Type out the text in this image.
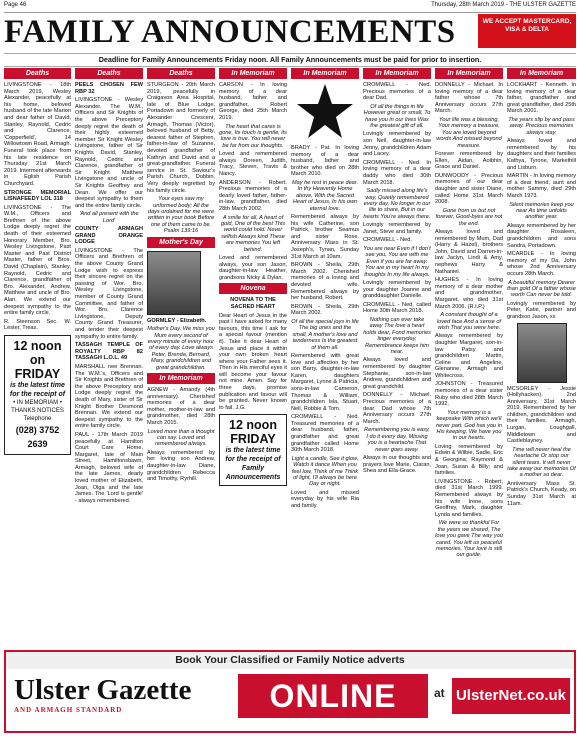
Page 46	Thursday, 28th March 2019 - THE ULSTER GAZETTE
FAMILY ANNOUNCEMENTS	WE ACCEPT MASTERCARD, VISA & DELTA
Deadline for Family Announcements Friday noon. All Family Announcements must be paid for prior to insertion.
Deaths

LIVINGSTONE - 18th March 2019, Wesley Alexander, peacefully at his home, beloved husband of the late Marion and dear father of David, Stanley, Raynold, Cedric and Clarence, 'Copperfield', 14 Willowtown Road, Armagh. Funeral took place from his late residence on Thursday 21st March 2019. Interment afterwards in Eglish Parish Churchyard.

STRONGE MEMORIAL LISNAFEEDY LOL 318

LIVINGSTONE - The W.M., Officers and Brethren of the above Lodge deeply regret the death of their esteemed Honorary Member, Bro. Wesley Livingstone, Past Master and Past District Master, father of Bros. David (Chaplain), Stanley, Raynold, Cedric and Clarence, grandfather of Bro. Alexander, Andrew, Matthew and uncle of Bro. Alan. We extend our deepest sympathy to the entire family circle.

R. Steenson Sec. W. Lester, Treas.

12 noon on
FRIDAY
is the latest time for the receipt of
• IN MEMORIAM • THANKS NOTICES
Telephone
(028) 3752 2639
Deaths

PEELS CHOSEN FEW RBP 32

LIVINGSTONE - Wesley Alexander. The W.M., Officers and Sir Knights of the above Preceptory deeply regret the death of their highly esteemed member Sir Knight Wesley Livingstone, father of Sir Knights David, Stanley, Raynold, Cedric and Clarence, grandfather of Sir Knight Matthew Livingstone and uncle of Sir Knights Geoffrey and Dean. We offer our deepest sympathy to them and the entire family circle.

'And all present with the Lord'

COUNTY ARMAGH GRAND ORANGE LODGE

LIVINGSTONE - The Officers and Brethren of the above County Grand Lodge wish to express their sincere regret on the passing of Wor. Bro. Wesley Livingstone, member of County Grand Committee, and father of Wor. Bro. Clarence Livingstone, Deputy County Grand Treasurer, and tender their deepest sympathy to entire family.

TASSAGH TEMPLE OF ROYALTY RBP 82 TASSAGH L.O.L. 49

MARSHALL nee Brennan. The W.M.'s, Officers and Sir Knights and Brethren of the above Preceptory and Lodge deeply regret the death of Mary, sister of Sir Knight Brother Desmond Brennan. We extend our deepest sympathy to the entire family circle.

PAUL - 17th March 2019 peacefully at Hamilton Court Care Home, Margaret, late of Main Street, Hamiltonsbawn, Armagh, beloved wife of the late James, dearly loved mother of Elizabeth, Joan, Olga and the late James. The 'Lord is gentle' - always remembered.

Deaths

STURGEON - 20th March 2019, peacefully in Craigavon Area Hospital, late of Blue Lodge, Portadown and formerly of Alexander Crescent, Armagh, Thomas (Victor), beloved husband of Betty, dearest father of Stephen, father-in-law of Suzanne, devoted grandfather of Kathryn and David and a great-grandfather. Funeral service in St. Saviour's Parish Church, Dobbin. Very deeply regretted by his family circle.

Your eyes saw my unformed body; All the days ordained for me were written in your book Before one of them came to be. Psalm 139:16

Mother's Day

GORMLEY - Elizabeth.

Mother's Day. We miss you Mum every second of every minute of every hour of every day. Love always Peter, Brenda, Bernard, Mary, grandchildren and great grandchildren.

In Memoriam

AGNEW - Amandy (4th anniversary). Cherished memories of a dear mother, mother-in-law and grandmother, died 28th March 2015.

Loved more than a thought can say. Loved and remembered always.

Always remembered by her loving son Andrew, daughter-in-law Diane, grandchildren Rebecca and Timothy, Ryrhill.

In Memoriam

CARSON - In loving memory of a dear husband, father and grandfather, Robert George, died 25th March 2019.

The heart that cares is gone, Its touch is gentle, its love is true. You will never be far from our thoughts.

Loved and remembered always Doreen, Judith, Tracy, Steven, Travis & Nancy.

ANDERSON - Robert. Precious memories of a dearly loved father, father-in-law, grandfather, died 28th March 2002.

A smile for all, A heart of gold, One of the best This world could hold. Never selfish Always kind These are memories You left behind.

Loved and remembered always, your son Jason, daughter-in-law Heather, grandsons Nicky & Dylan.

Novena

NOVENA TO THE SACRED HEART

Dear Heart of Jesus in the past I have asked for many favours, this time I ask for a special favour (mention it). Take it dear Heart of Jesus and place it within your own broken heart where your Father sees it. Then in His merciful eyes it will become your favour not mine. Amen. Say for three days, promise publication and favour will be granted. Never known to fail. J.G.

12 noon
FRIDAY
is the latest time for the receipt of Family Announcements
In Memoriam

BRADY - Pat. In loving memory of a dear husband, father and brother who died on 28th March 2010.

May he rest in peace dear. In thy Heavenly Home above, With the Sacred Heart of Jesus, In his own eternal love.

Remembered always by his wife Catherine, son Patrick, brother Seamus and sister Rose. Anniversary Mass in St. Joseph's, Tynan, Sunday 31st March at 10am.

BROWN - Sheila, 29th March 2002. Cherished memories of a loving and devoted wife. Remembered always by her husband, Robert.

BROWN - Sheila, 29th March 2002.

Of all the special joys in life The big ones and the small, A mother's love and tenderness Is the greatest of them all.

Remembered with great love and affection by her son Barry, daughter-in-law Karen, daughters Margaret, Lynne & Patricia, sons-in-law Cameron, Thomas & William, grandchildren Isla, Stuart, Neil, Robbie & Tom.

CROMWELL - Ned. Treasured memories of a dear husband, father, grandfather and great grandfather called Home 30th March 2018.

Light a candle, See it glow, Watch it dance When you feel low, Think of me Think of light, I'll always be here Day or night.

Loved and missed everyday by his wife Ria and family.

In Memoriam

CROMWELL - Ned. Precious memories of a dear Dad.

Of all the things in life However great or small, To have you in our lives Was the greatest gift of all.

Lovingly remembered by son Neil, daughter-in-law Jenny, grandchildren Adam and Lacey.

CROMWELL - Ned. In loving memory of a dear daddy who died 30th March 2018.

Sadly missed along life's way, Quietly remembered every day, No longer in our life to share, But in our hearts You're always there.

Lovingly remembered by Janet, Steve and family.

CROMWELL - Ned.

You are near Even if I don't see you, You are with me Even if you are far away. You are in my heart In my thoughts In my life always.

Lovingly remembered by your daughter Joanne and granddaughter Danielle.

CROMWELL - Ned, called Home 30th March 2018.

Nothing can ever take away The love a heart holds dear, Fond memories linger everyday, Remembrance keeps him near.

Always loved and remembered by daughter Stephanie, son-in-law Andrew, grandchildren and great grandchild.

DONNELLY - Michael. Precious memories of a dear Dad whose 7th Anniversary occurs 27th March.

Remembering you is easy, I do it every day, Missing you is a heartache That never goes away.

Always in our thoughts and prayers love Marie, Ciaran, Shea and Ella-Grace.

In Memoriam

DONNELLY - Michael. In loving memory of a dear father whose 7th Anniversary occurs 27th March.

Your life was a blessing, Your memory a treasure, You are loved beyond words And missed beyond measure.

Forever remembered by Ellen, Aidan, Aoibhin, Grace and Daniel.

DUNWOODY - Precious memories of our dear daughter and sister Diane, called Home 31st March 2008.

Gone from us but not forever, Good-byes are not the end.

Always loved and remembered by Mum, Dad (Harry & Hazel), brothers John, David and Darren-in-law Jaclyn, Lindi & Amy, nephews Harry & Nathaniel.

HUGHES - In loving memory of a dear mother and grandmother, Margaret, who died 31st March 2006. (R.I.P.)

A constant thought of a loved face And a sense of wish That you were here.

Always remembered by daughter Margaret, son-in-law Patsy and grandchildren Martin, Celine and Angeline, Glenanne, Armagh and Whitecross.

JOHNSTON - Treasured memories of a dear sister Ruby who died 28th March 1992.

Your memory is a keepsake With which we'll never part, God has you in His keeping, We have you in our hearts.

Loving remembered by Edwin & Wilbie, Sadie, Eric & Georgina; Raymond & Joan, Susan & Billy; and families.

LIVINGSTONE - Robert, died 31st March 1999. Remembered always by his wife Irene, sons Geoffrey, Mark, daughter Lynda and families.

We were so thankful For the years we shared, The love you gave The way you cared. You left us peaceful memories, Your love is still our guide.

In Memoriam

LOCKHART - Kenneth. In loving memory of a dear father, grandfather and great grandfather, died 25th March 2001.

The years slip by and pass away. Precious memories always stay.

Always loved and remembered by his daughters and their families Kathya, Tyrone, Markethill and Lisburn.

MARTIN - In loving memory of a dear friend, aunt and mother Sammy, died 29th March 1973.

Silent memories keep you near As time unfolds another year.

Always remembered by her daughter Rosaleen, grandchildren and sons Sandra, Portadown.

MCARDLE - In loving memory of my Da, John whose 2nd Anniversary occurs 28th March.

A beautiful memory Dearer than gold Of a father whose worth Can never be told.

Lovingly remembered by Peter, Katie, partner and grandson Jason, xx

MCSORLEY - Jessie (Hollyhacken). 2nd Anniversary, 31st March 2019. Remembered by her children, grandchildren and their families, Armagh, Lurgan, Loughgall, Middletown and Castleblayney.

Time will never heal the heartache Or stop our silent tears. It will never take away our memories Of a mother so dear.

Anniversary Mass St. Patrick's Church, Keady, on Sunday 31st March at 11am.

Book Your Classified or Family Notice adverts
Ulster Gazette
AND ARMAGH STANDARD	ONLINE	at UlsterNet.co.uk
